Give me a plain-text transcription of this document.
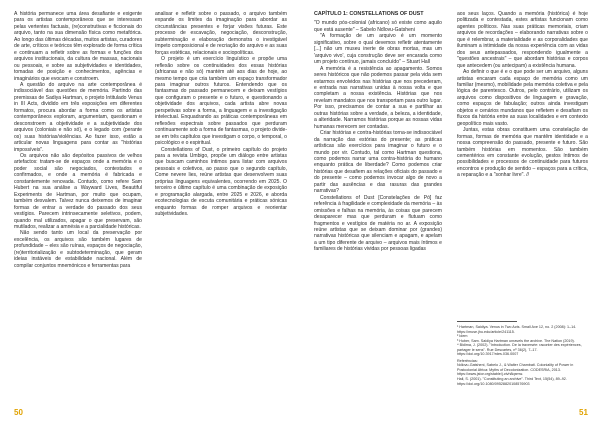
A história permanece uma área desafiante e exigente para os artistas contemporâneos que se interessam pelas vertentes factuais, (re)construtivas e ficcionais do arquivo, tanto na sua dimensão física como metafórica. Ao longo das últimas décadas, muitos artistas, curadores de arte, críticos e teóricos têm explorado de forma crítica e continuam a refletir sobre as formas e funções dos arquivos institucionais, da cultura de massas, nacionais ou pessoais, e sobre as subjetividades e identidades, tomadas de posição e conhecimentos, agências e imaginários que evocam e constroem.

A questão do arquivo na arte contemporânea é indissociável das questões de memória. Partindo das premissas de Sadiya Hartman, o projeto Intitulado Venus in III Acts, dividido em três exposições em diferentes formatos, procura abordar a forma como os artistas contemporâneos exploram, argumentam, questionam e desconstroem a objetividade e a subjetividade dos arquivos (coloniais e não só), e o legado com (perante os) suas histórias/violências. Ao fazer isso, estão a articular novas linguagens para contar as "histórias impossíveis".

Os arquivos não são depósitos passivos de velhos artefactos: tratam-se de espaços onde a memória e o poder social são negociados, contestados e confirmados, e onde a memória é fabricada e constantemente renovada. Contudo, como refere Sam Hubert na sua análise a Wayward Lives, Beautiful Experiments de Hartman, por muito que ocupam, também desvalem. Talvez nunca deixemos de imaginar formas de entrar a verdade do passado dos seus vestígios. Parecem intrinsecamente seletivos, podem, quando mal utilizados, apagar o que preservam, são mutilados, realizar a amnésia e a parcialidade históricas.

Não sendo tanto um local da preservação por excelência, os arquivos são também lugares de profundidade – eles são ruínas, espaços de negociação, (re)territorialização e subtodeterminação, que geram ideias instáveis de estabilidade nacional. Além de compilar conjuntos mnemónicos e ferramentas para

analisar e refletir sobre o passado, o arquivo também expande os limites da imaginação para abordar as circunstâncias presentes e forjar visões futuras. Este processo de escavação, negociação, desconstrução, subterminação e elaboração demonstra o inestigável ímpeto composicional e de recriação do arquivo e as suas forças estéticas, relacionais e sociopolíticas.

O projeto é um exercício linguístico e propõe uma reflexão sobre os continuidades dos essas histórias (africanas e não só) mantém até aos dias de hoje, ao mesmo tempo que cria também um espaço transformador para imaginar outros futuros. Entendendo que os fantasmas do passado permanecem e deixam vestígios que configuram o presente e o futuro, e questionando a objetividade dos arquivos, cada artista abre novas perspetivas sobre a forma, a linguagem e a investigação intelectual. Enquadrando as práticas contemporâneas em reflexões espectrais sobre passados que perduram continuamente sob a forma de fantasmas, o projeto divide-se em três capítulos que investigam o corpo, o temporal, o psicológico e o espiritual.

Constellations of Dust, o primeiro capítulo do projeto para a revista Umbigo, propõe um diálogo entre artistas que buscam caminhos íntimos para listar com arquivos pessoais e coletivos, ao passo que o segundo capítulo, Come nevere lies, reúne artistas que desenvolvem suas próprias linguagens equivalentes, ocorrendo em 2025. O terceiro e último capítulo é uma combinação de exposição e programação alargada, entre 2025 e 2026, e aborda ecotecnologias de escuta comunitária e práticas sónicas enquanto formas de romper arquivos e reorientar subjetividades.

50
CAPÍTULO 1: CONSTELLATIONS OF DUST

"O mundo pós-colonial (africano) só existe como aquilo que está ausente" – Sabelo Ndlovu-Gatsheni

"A formação de um arquivo é um momento significativo, sobre o qual devemos refletir atentamente [...] não um museu inerte de obras mortas, mas um 'arquivo vivo', cuja construção deve ser encarada como um projeto contínuo, jamais concluído" – Stuart Hall

A memória é a resistência ao apagamento. Somos seres históricos que não podemos passar pela vida sem estarmos envolvidos nas histórias que nos precederam, e entrada nas narrativas unidas à nossa volta e que completam a nossa existência. Histórias que nos revelam mandatos que nos transportam para outro lugar. Por isso, precisamos de contar a sua e partilhar as outras histórias sobre a verdade, a beleza, a identidade, a alteridade. Narramos histórias porque as nossas vidas humanas merecem ser contadas.

Criar histórias e contra-histórias torna-se indissociável da narração das estórias do presente; as práticas artísticas são exercícios para imaginar o futuro e o mundo por vir. Contudo, tal como Hartman questiona, como podemos narrar uma contra-história do humano enquanto prática de liberdade? Como podemos criar histórias que desafiem as relações oficiais do passado e do presente – como podemos invocar algo de novo a partir das ausências e das rasuras das grandes narrativas?

Constellations of Dust [Constelações de Pó] faz referência à fragilidade e complexidade da memória – às omissões e falhas na memória, às coisas que parecem desaparecer mas que perduram e flutuam como fragmentos e vestígios de matéria no ar. A exposição reúne artistas que se deixam dominar por (grandes) narrativas históricas que silenciam e apagam, e apelam a um tipo diferente de arquivo – arquivos mais íntimos e familiares de histórias vividas por pessoas ligadas

aos seus laços. Quando a memória (histórica) é hoje politizada e contestada, estes artistas funcionam como agentes políticos. Nas suas práticas memoriais, criam arquivos de recordações – elaborando narrativas sobre o que é relembrar, a materialidade e as corporalidades que iluminam a intimidade da nossa experiência com as vidas dos seus antepassados, respondendo igualmente a "questões ancestrais" – que abordam histórias e corpos que antecedem (ou antecipam) a existência humana.

Ao definir o que é e o que pode ser um arquivo, alguns artistas encaram cada espaço de memória como um familiar (mesmo), mobilidade pela memória coletiva e pela lógica de parentesco. Outros, pelo contrário, utilizam os arquivos como dispositivos de linguagem e gravação, como espaços de fabulação; outros ainda investigam objetos e cenários mundanos que refletem e desafiam os fluxos da história entre as suas localidades e em contexto geopolítico mais vasto.

Juntas, estas obras constituem uma constelação de formas, formas de memória que mantêm identidade e a nossa compreensão do passado, presente e futuro. São também histórias em momentos. São também cementérios em constante evolução, gestos íntimos de possibilidades e processos de continuidade para futuros encontros e produção de sentido – espaços para a crítica, a reparação e a "sonhar livre". //

¹ Hartman, Saidiya. Venus in Two Acts. Small Axe 12, no. 2 (2008): 1–14. https://muse.jhu.edu/article/241115.

² Idem

³ Huber, Sam. Saidiya Hartman unravels the archive. The Nation (2019).

⁴ Bidima, J. (2002). "Introduction. De la traversée: raconter des expériences, partager le sens". Rue Descartes, nº 36(2), 7–17. https://doi.org/10.3917/rdes.036.0007

Referências:

Ndlovu-Gatsheni, Sabelo J., & Walter Chambati. Coloniality of Power in Postcolonial Africa: Myths of Decolonization. CODESRIA, 2013. https://www.jstor.org/stable/j.ctvh8qxmw.

Hall, S. (2001). "Constituting an archive". Third Text, 15(54), 89–92. https://doi.org/10.1080/09528820108576903

51
